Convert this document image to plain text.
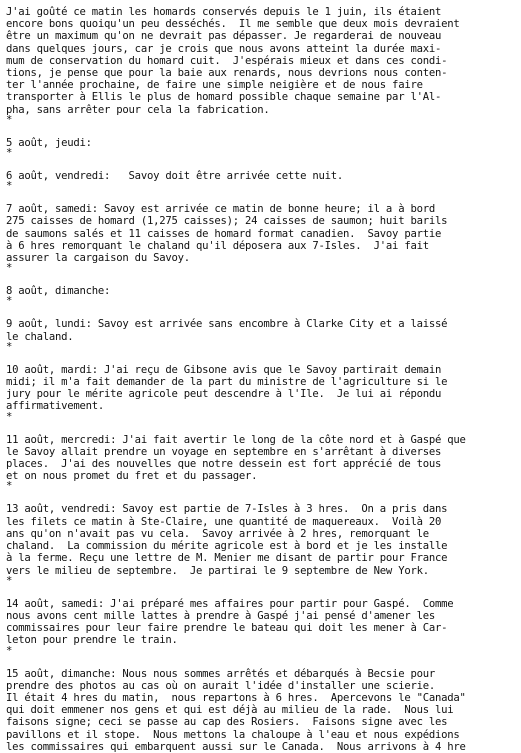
J'ai goûté ce matin les homards conservés depuis le 1 juin, ils étaient
encore bons quoiqu'un peu desséchés.  Il me semble que deux mois devraient
être un maximum qu'on ne devrait pas dépasser. Je regarderai de nouveau
dans quelques jours, car je crois que nous avons atteint la durée maxi-
mum de conservation du homard cuit.  J'espérais mieux et dans ces condi-
tions, je pense que pour la baie aux renards, nous devrions nous conten-
ter l'année prochaine, de faire une simple neigière et de nous faire
transporter à Ellis le plus de homard possible chaque semaine par l'Al-
pha, sans arrêter pour cela la fabrication.
*
5 août, jeudi:
*
6 août, vendredi:   Savoy doit être arrivée cette nuit.
*
7 août, samedi: Savoy est arrivée ce matin de bonne heure; il a à bord
275 caisses de homard (1,275 caisses); 24 caisses de saumon; huit barils
de saumons salés et 11 caisses de homard format canadien.  Savoy partie
à 6 hres remorquant le chaland qu'il déposera aux 7-Isles.  J'ai fait
assurer la cargaison du Savoy.
*
8 août, dimanche:
*
9 août, lundi: Savoy est arrivée sans encombre à Clarke City et a laissé
le chaland.
*
10 août, mardi: J'ai reçu de Gibsone avis que le Savoy partirait demain
midi; il m'a fait demander de la part du ministre de l'agriculture si le
jury pour le mérite agricole peut descendre à l'Ile.  Je lui ai répondu
affirmativement.
*
11 août, mercredi: J'ai fait avertir le long de la côte nord et à Gaspé que
le Savoy allait prendre un voyage en septembre en s'arrêtant à diverses
places.  J'ai des nouvelles que notre dessein est fort apprécié de tous
et on nous promet du fret et du passager.
*
13 août, vendredi: Savoy est partie de 7-Isles à 3 hres.  On a pris dans
les filets ce matin à Ste-Claire, une quantité de maquereaux.  Voilà 20
ans qu'on n'avait pas vu cela.  Savoy arrivée à 2 hres, remorquant le
chaland.  La commission du mérite agricole est à bord et je les installe
à la ferme. Reçu une lettre de M. Menier me disant de partir pour France
vers le milieu de septembre.  Je partirai le 9 septembre de New York.
*
14 août, samedi: J'ai préparé mes affaires pour partir pour Gaspé.  Comme
nous avons cent mille lattes à prendre à Gaspé j'ai pensé d'amener les
commissaires pour leur faire prendre le bateau qui doit les mener à Car-
leton pour prendre le train.
*
15 août, dimanche: Nous nous sommes arrêtés et débarqués à Becsie pour
prendre des photos au cas où on aurait l'idée d'installer une scierie.
Il était 4 hres du matin,  nous repartons à 6 hres.  Apercevons le "Canada"
qui doit emmener nos gens et qui est déjà au milieu de la rade.  Nous lui
faisons signe; ceci se passe au cap des Rosiers.  Faisons signe avec les
pavillons et il stope.  Nous mettons la chaloupe à l'eau et nous expédions
les commissaires qui embarquent aussi sur le Canada.  Nous arrivons à 4 hre
